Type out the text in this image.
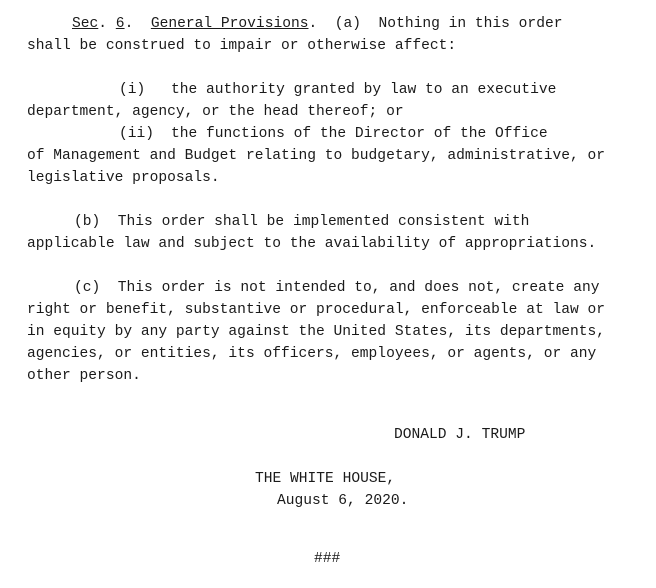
Sec. 6.  General Provisions.  (a)  Nothing in this order
shall be construed to impair or otherwise affect:
(i) the authority granted by law to an executive
department, agency, or the head thereof; or
(ii) the functions of the Director of the Office
of Management and Budget relating to budgetary, administrative, or
legislative proposals.
(b)  This order shall be implemented consistent with
applicable law and subject to the availability of appropriations.
(c)  This order is not intended to, and does not, create any
right or benefit, substantive or procedural, enforceable at law or
in equity by any party against the United States, its departments,
agencies, or entities, its officers, employees, or agents, or any
other person.
DONALD J. TRUMP
THE WHITE HOUSE,
August 6, 2020.
###
